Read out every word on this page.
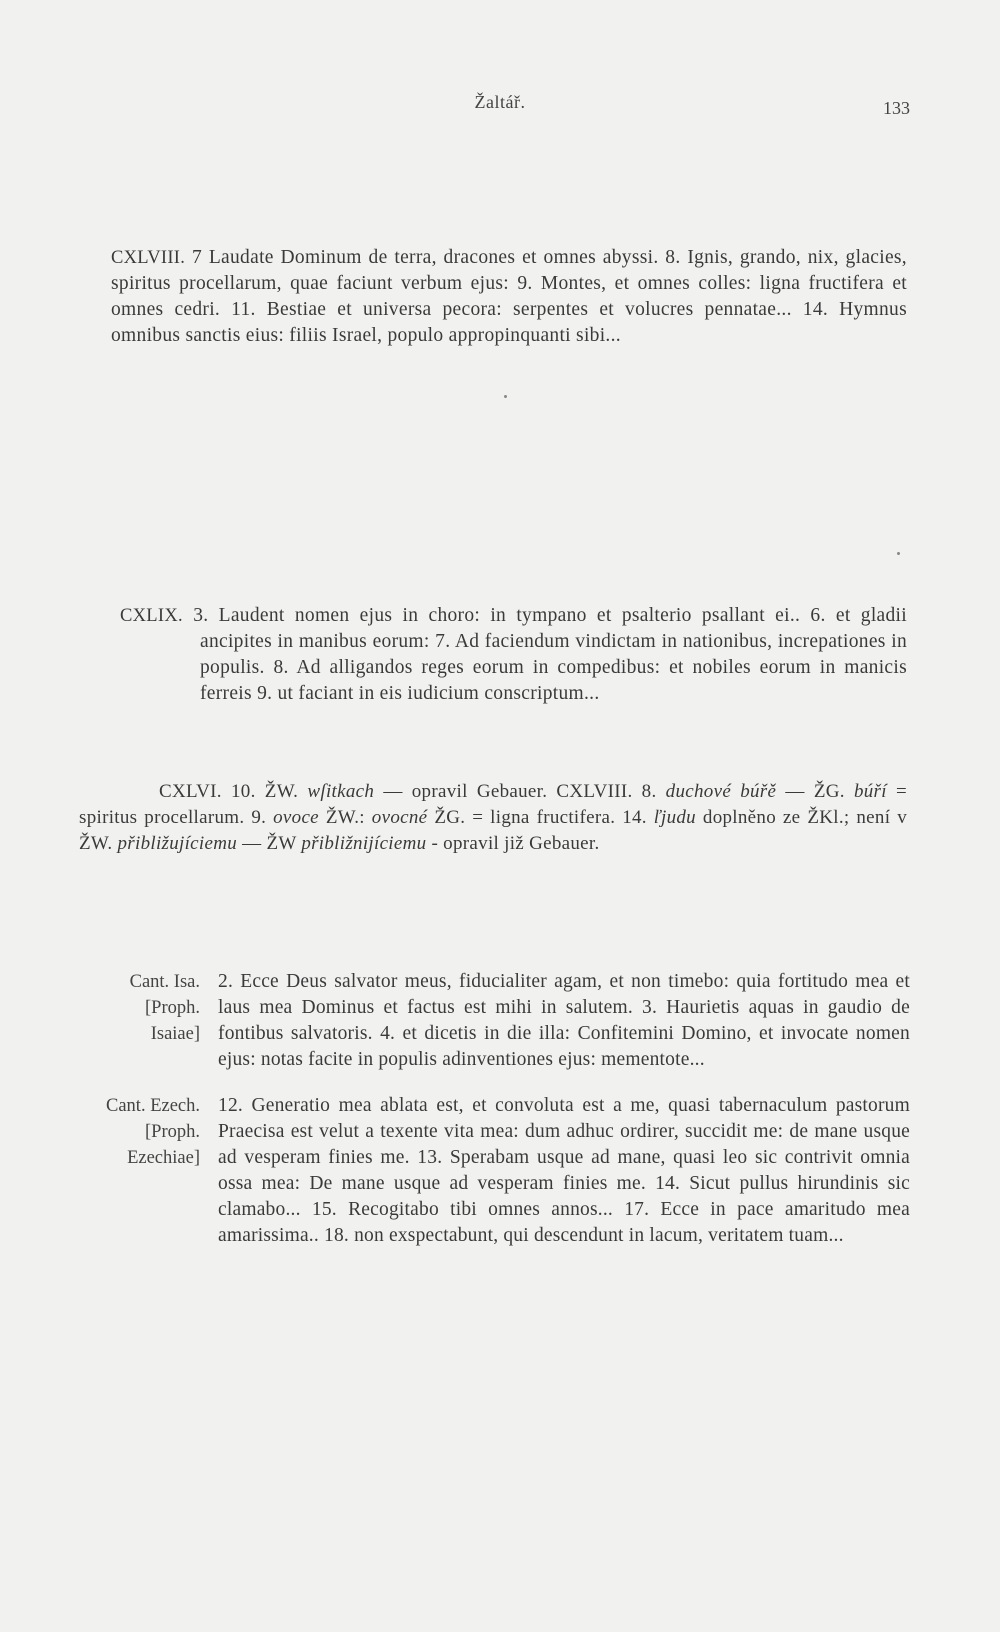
Žaltář.	133

CXLVIII. 7 Laudate Dominum de terra, dracones et omnes abyssi. 8. Ignis, grando, nix, glacies, spiritus procellarum, quae faciunt verbum ejus: 9. Montes, et omnes colles: ligna fructifera et omnes cedri. 11. Bestiae et universa pecora: serpentes et volucres pennatae... 14. Hymnus omnibus sanctis eius: filiis Israel, populo appropinquanti sibi...

CXLIX. 3. Laudent nomen ejus in choro: in tympano et psalterio psallant ei.. 6. et gladii ancipites in manibus eorum: 7. Ad faciendum vindictam in nationibus, increpationes in populis. 8. Ad alligandos reges eorum in compedibus: et nobiles eorum in manicis ferreis 9. ut faciant in eis iudicium conscriptum...

CXLVI. 10. ŽW. wſitkach — opravil Gebauer. CXLVIII. 8. duchové búřě — ŽG. búří = spiritus procellarum. 9. ovoce ŽW.: ovocné ŽG. = ligna fructifera. 14. ľjudu doplněno ze ŽKl.; není v ŽW. přibližujíciemu — ŽW přibližnijíciemu - opravil již Gebauer.

Cant. Isa.
[Proph.
Isaiae]

2. Ecce Deus salvator meus, fiducialiter agam, et non timebo: quia fortitudo mea et laus mea Dominus et factus est mihi in salutem. 3. Haurietis aquas in gaudio de fontibus salvatoris. 4. et dicetis in die illa: Confitemini Domino, et invocate nomen ejus: notas facite in populis adinventiones ejus: mementote...

Cant. Ezech.
[Proph.
Ezechiae]

12. Generatio mea ablata est, et convoluta est a me, quasi tabernaculum pastorum Praecisa est velut a texente vita mea: dum adhuc ordirer, succidit me: de mane usque ad vesperam finies me. 13. Sperabam usque ad mane, quasi leo sic contrivit omnia ossa mea: De mane usque ad vesperam finies me. 14. Sicut pullus hirundinis sic clamabo... 15. Recogitabo tibi omnes annos... 17. Ecce in pace amaritudo mea amarissima.. 18. non exspectabunt, qui descendunt in lacum, veritatem tuam...
